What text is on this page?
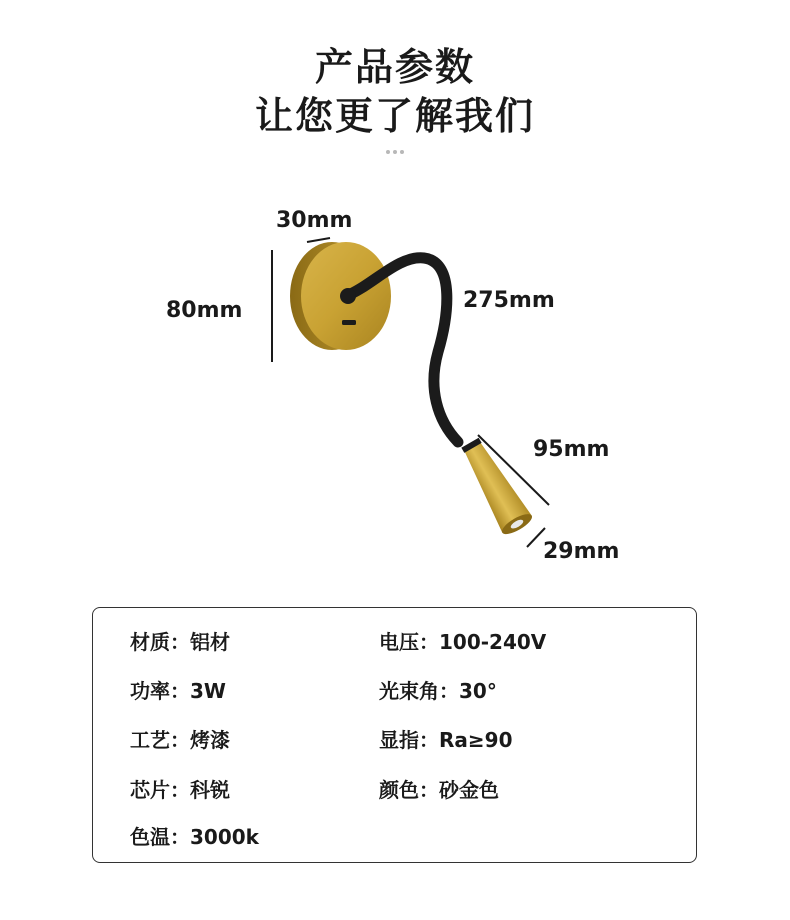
产品参数
让您更了解我们
30mm
80mm	275mm
95mm
29mm
材质：铝材	电压：100-240V
功率：3W	光束角：30°
工艺：烤漆	显指：Ra≥90
芯片：科锐	颜色：砂金色
色温：3000k
